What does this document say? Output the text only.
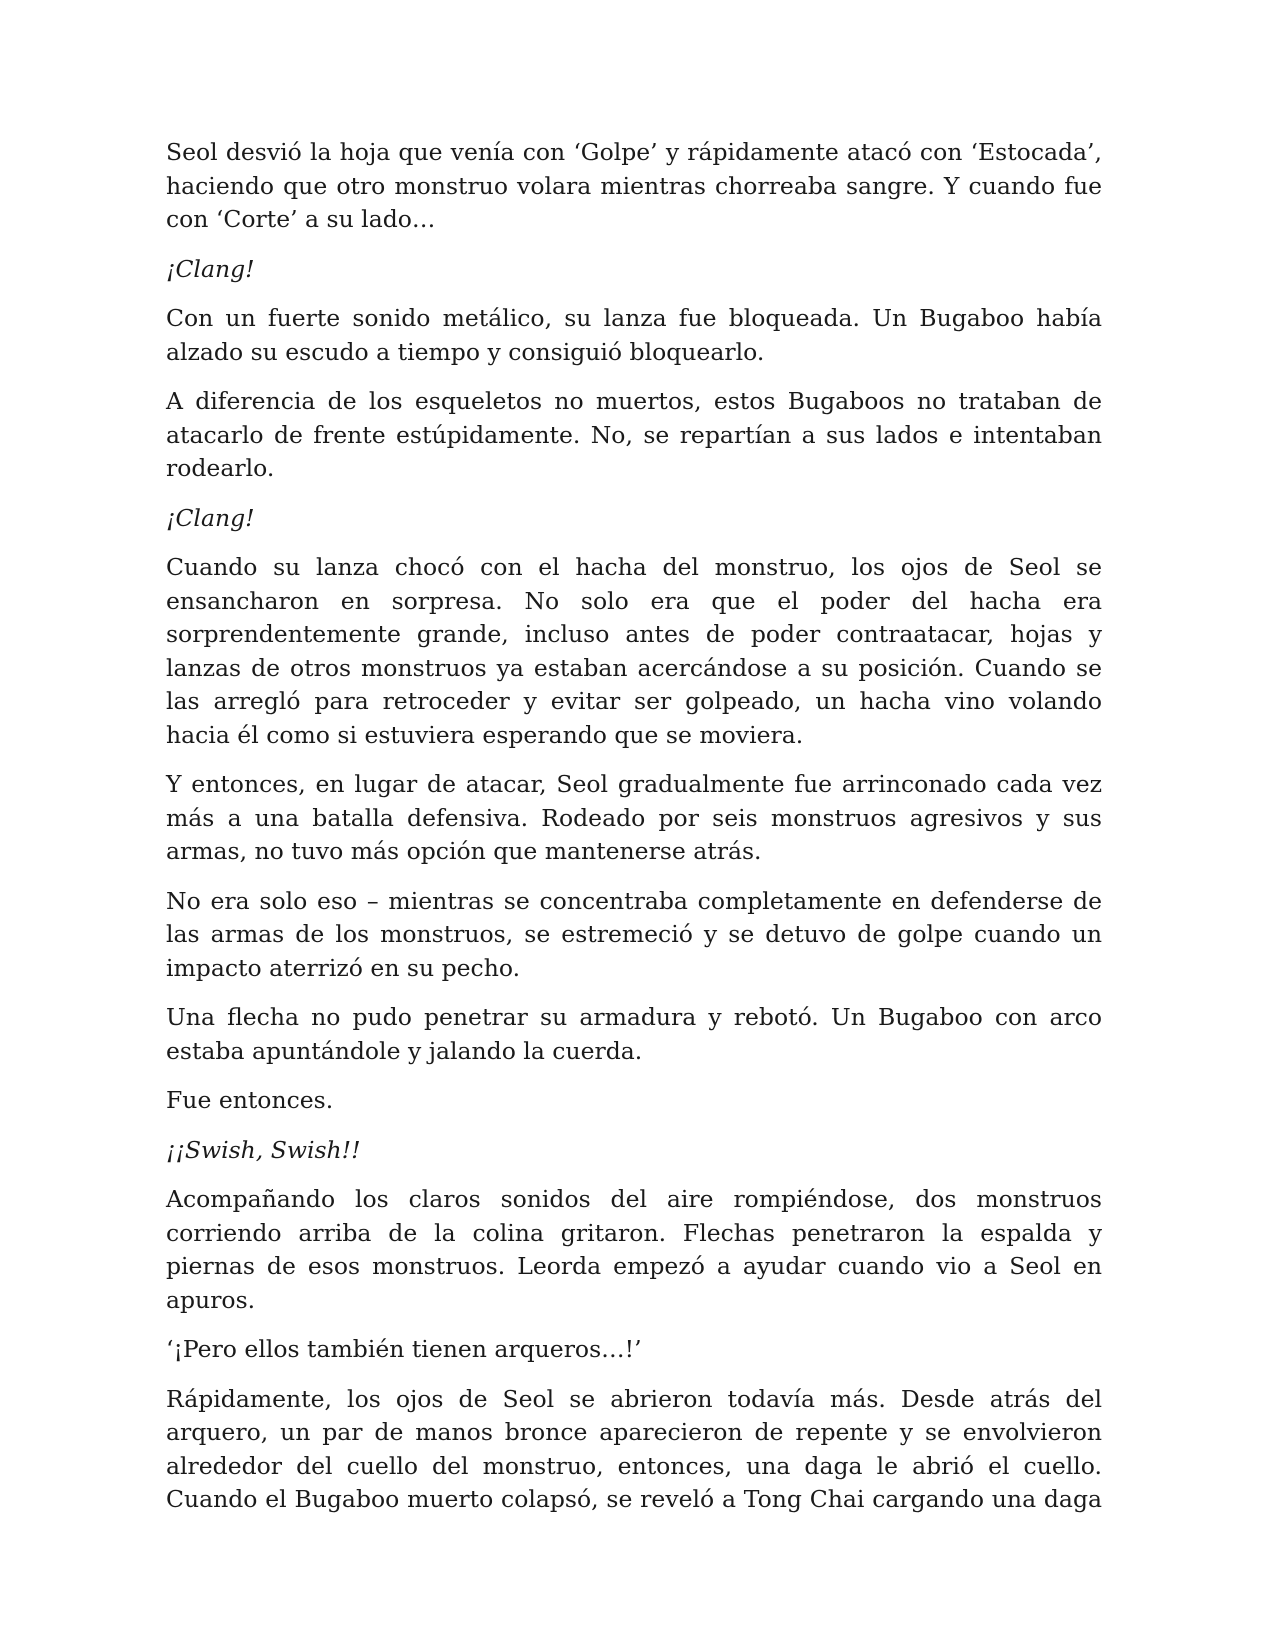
Seol desvió la hoja que venía con ‘Golpe’ y rápidamente atacó con ‘Estocada’, haciendo que otro monstruo volara mientras chorreaba sangre. Y cuando fue con ‘Corte’ a su lado…

¡Clang!

Con un fuerte sonido metálico, su lanza fue bloqueada. Un Bugaboo había alzado su escudo a tiempo y consiguió bloquearlo.

A diferencia de los esqueletos no muertos, estos Bugaboos no trataban de atacarlo de frente estúpidamente. No, se repartían a sus lados e intentaban rodearlo.

¡Clang!

Cuando su lanza chocó con el hacha del monstruo, los ojos de Seol se ensancharon en sorpresa. No solo era que el poder del hacha era sorprendentemente grande, incluso antes de poder contraatacar, hojas y lanzas de otros monstruos ya estaban acercándose a su posición. Cuando se las arregló para retroceder y evitar ser golpeado, un hacha vino volando hacia él como si estuviera esperando que se moviera.

Y entonces, en lugar de atacar, Seol gradualmente fue arrinconado cada vez más a una batalla defensiva. Rodeado por seis monstruos agresivos y sus armas, no tuvo más opción que mantenerse atrás.

No era solo eso – mientras se concentraba completamente en defenderse de las armas de los monstruos, se estremeció y se detuvo de golpe cuando un impacto aterrizó en su pecho.

Una flecha no pudo penetrar su armadura y rebotó. Un Bugaboo con arco estaba apuntándole y jalando la cuerda.

Fue entonces.

¡¡Swish, Swish!!

Acompañando los claros sonidos del aire rompiéndose, dos monstruos corriendo arriba de la colina gritaron. Flechas penetraron la espalda y piernas de esos monstruos. Leorda empezó a ayudar cuando vio a Seol en apuros.

‘¡Pero ellos también tienen arqueros…!’

Rápidamente, los ojos de Seol se abrieron todavía más. Desde atrás del arquero, un par de manos bronce aparecieron de repente y se envolvieron alrededor del cuello del monstruo, entonces, una daga le abrió el cuello. Cuando el Bugaboo muerto colapsó, se reveló a Tong Chai cargando una daga
